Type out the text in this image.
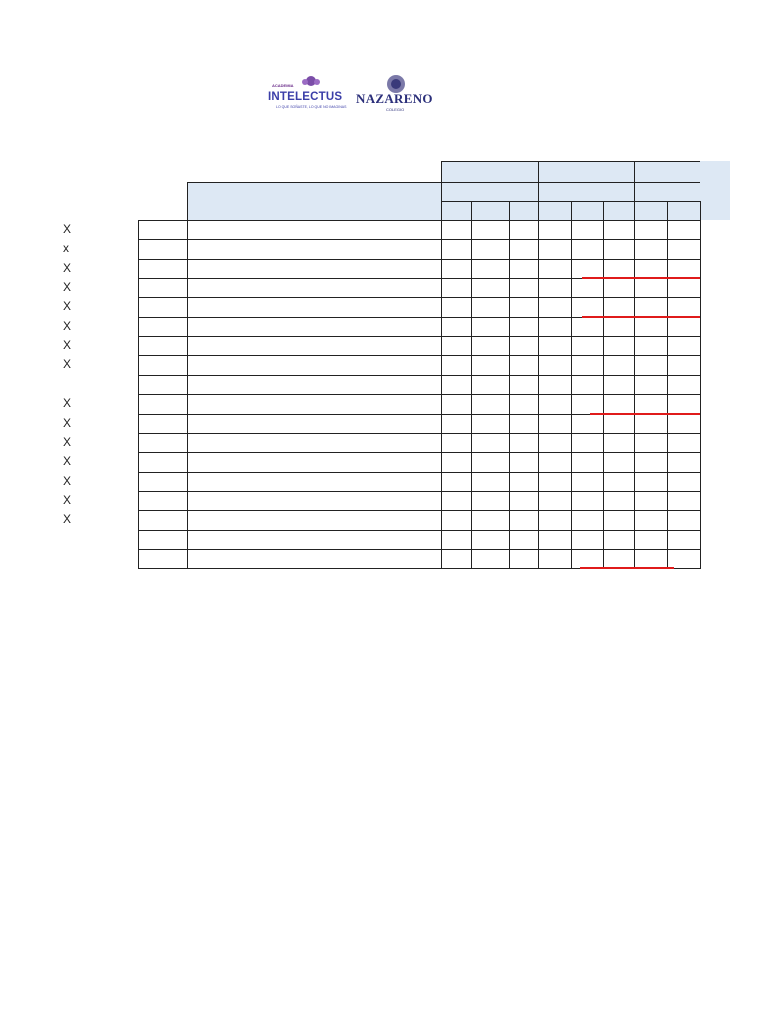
ACADEMIA
INTELECTUS
LO QUE SOÑASTE, LO QUE NO IMAGINAS
NAZARENO
COLEGIO
X
x
X
X
X
X
X
X
X
X
X
X
X
X
X
